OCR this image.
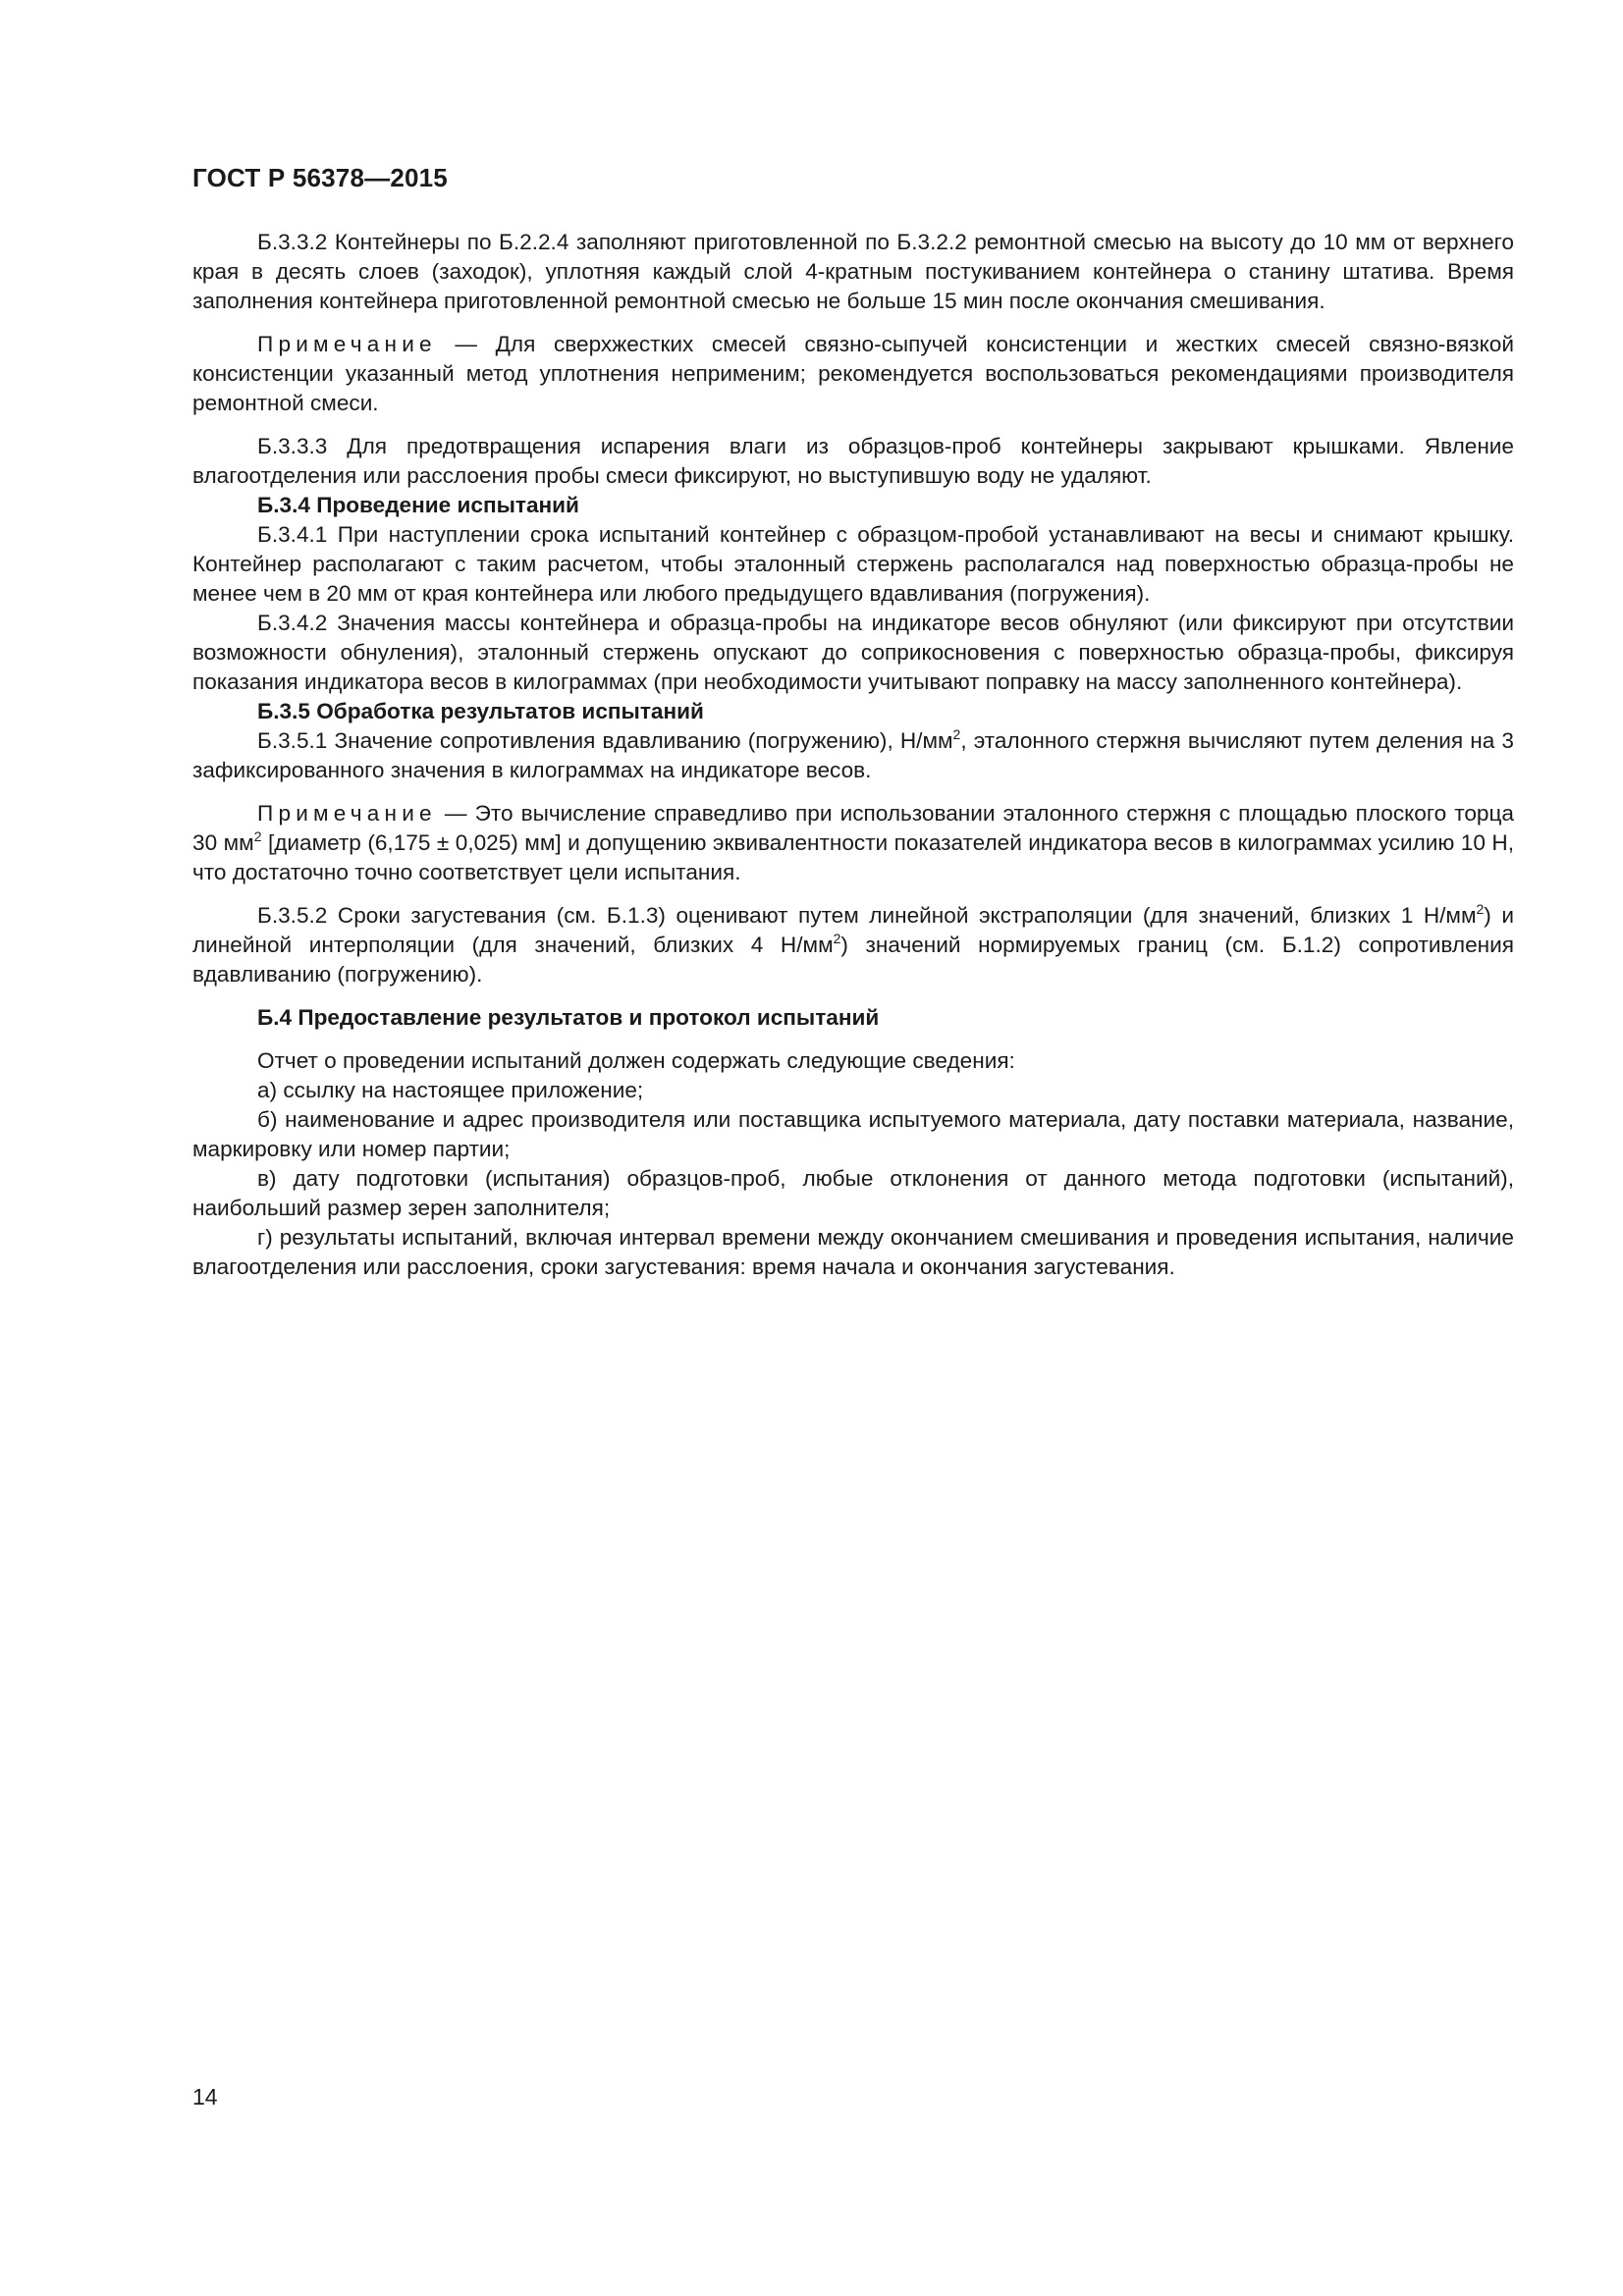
ГОСТ Р 56378—2015

Б.3.3.2 Контейнеры по Б.2.2.4 заполняют приготовленной по Б.3.2.2 ремонтной смесью на высоту до 10 мм от верхнего края в десять слоев (заходок), уплотняя каждый слой 4-кратным постукиванием контейнера о станину штатива. Время заполнения контейнера приготовленной ремонтной смесью не больше 15 мин после окончания смешивания.

Примечание — Для сверхжестких смесей связно-сыпучей консистенции и жестких смесей связно-вязкой консистенции указанный метод уплотнения неприменим; рекомендуется воспользоваться рекомендациями производителя ремонтной смеси.

Б.3.3.3 Для предотвращения испарения влаги из образцов-проб контейнеры закрывают крышками. Явление влагоотделения или расслоения пробы смеси фиксируют, но выступившую воду не удаляют.

Б.3.4 Проведение испытаний

Б.3.4.1 При наступлении срока испытаний контейнер с образцом-пробой устанавливают на весы и снимают крышку. Контейнер располагают с таким расчетом, чтобы эталонный стержень располагался над поверхностью образца-пробы не менее чем в 20 мм от края контейнера или любого предыдущего вдавливания (погружения).

Б.3.4.2 Значения массы контейнера и образца-пробы на индикаторе весов обнуляют (или фиксируют при отсутствии возможности обнуления), эталонный стержень опускают до соприкосновения с поверхностью образца-пробы, фиксируя показания индикатора весов в килограммах (при необходимости учитывают поправку на массу заполненного контейнера).

Б.3.5 Обработка результатов испытаний

Б.3.5.1 Значение сопротивления вдавливанию (погружению), $Н/мм^2$, эталонного стержня вычисляют путем деления на 3 зафиксированного значения в килограммах на индикаторе весов.

Примечание — Это вычисление справедливо при использовании эталонного стержня с площадью плоского торца 30 $мм^2$ [диаметр (6,175 ± 0,025) мм] и допущению эквивалентности показателей индикатора весов в килограммах усилию 10 Н, что достаточно точно соответствует цели испытания.

Б.3.5.2 Сроки загустевания (см. Б.1.3) оценивают путем линейной экстраполяции (для значений, близких 1 $Н/мм^2$) и линейной интерполяции (для значений, близких 4 $Н/мм^2$) значений нормируемых границ (см. Б.1.2) сопротивления вдавливанию (погружению).

Б.4 Предоставление результатов и протокол испытаний

Отчет о проведении испытаний должен содержать следующие сведения:

а) ссылку на настоящее приложение;

б) наименование и адрес производителя или поставщика испытуемого материала, дату поставки материала, название, маркировку или номер партии;

в) дату подготовки (испытания) образцов-проб, любые отклонения от данного метода подготовки (испытаний), наибольший размер зерен заполнителя;

г) результаты испытаний, включая интервал времени между окончанием смешивания и проведения испытания, наличие влагоотделения или расслоения, сроки загустевания: время начала и окончания загустевания.

14
